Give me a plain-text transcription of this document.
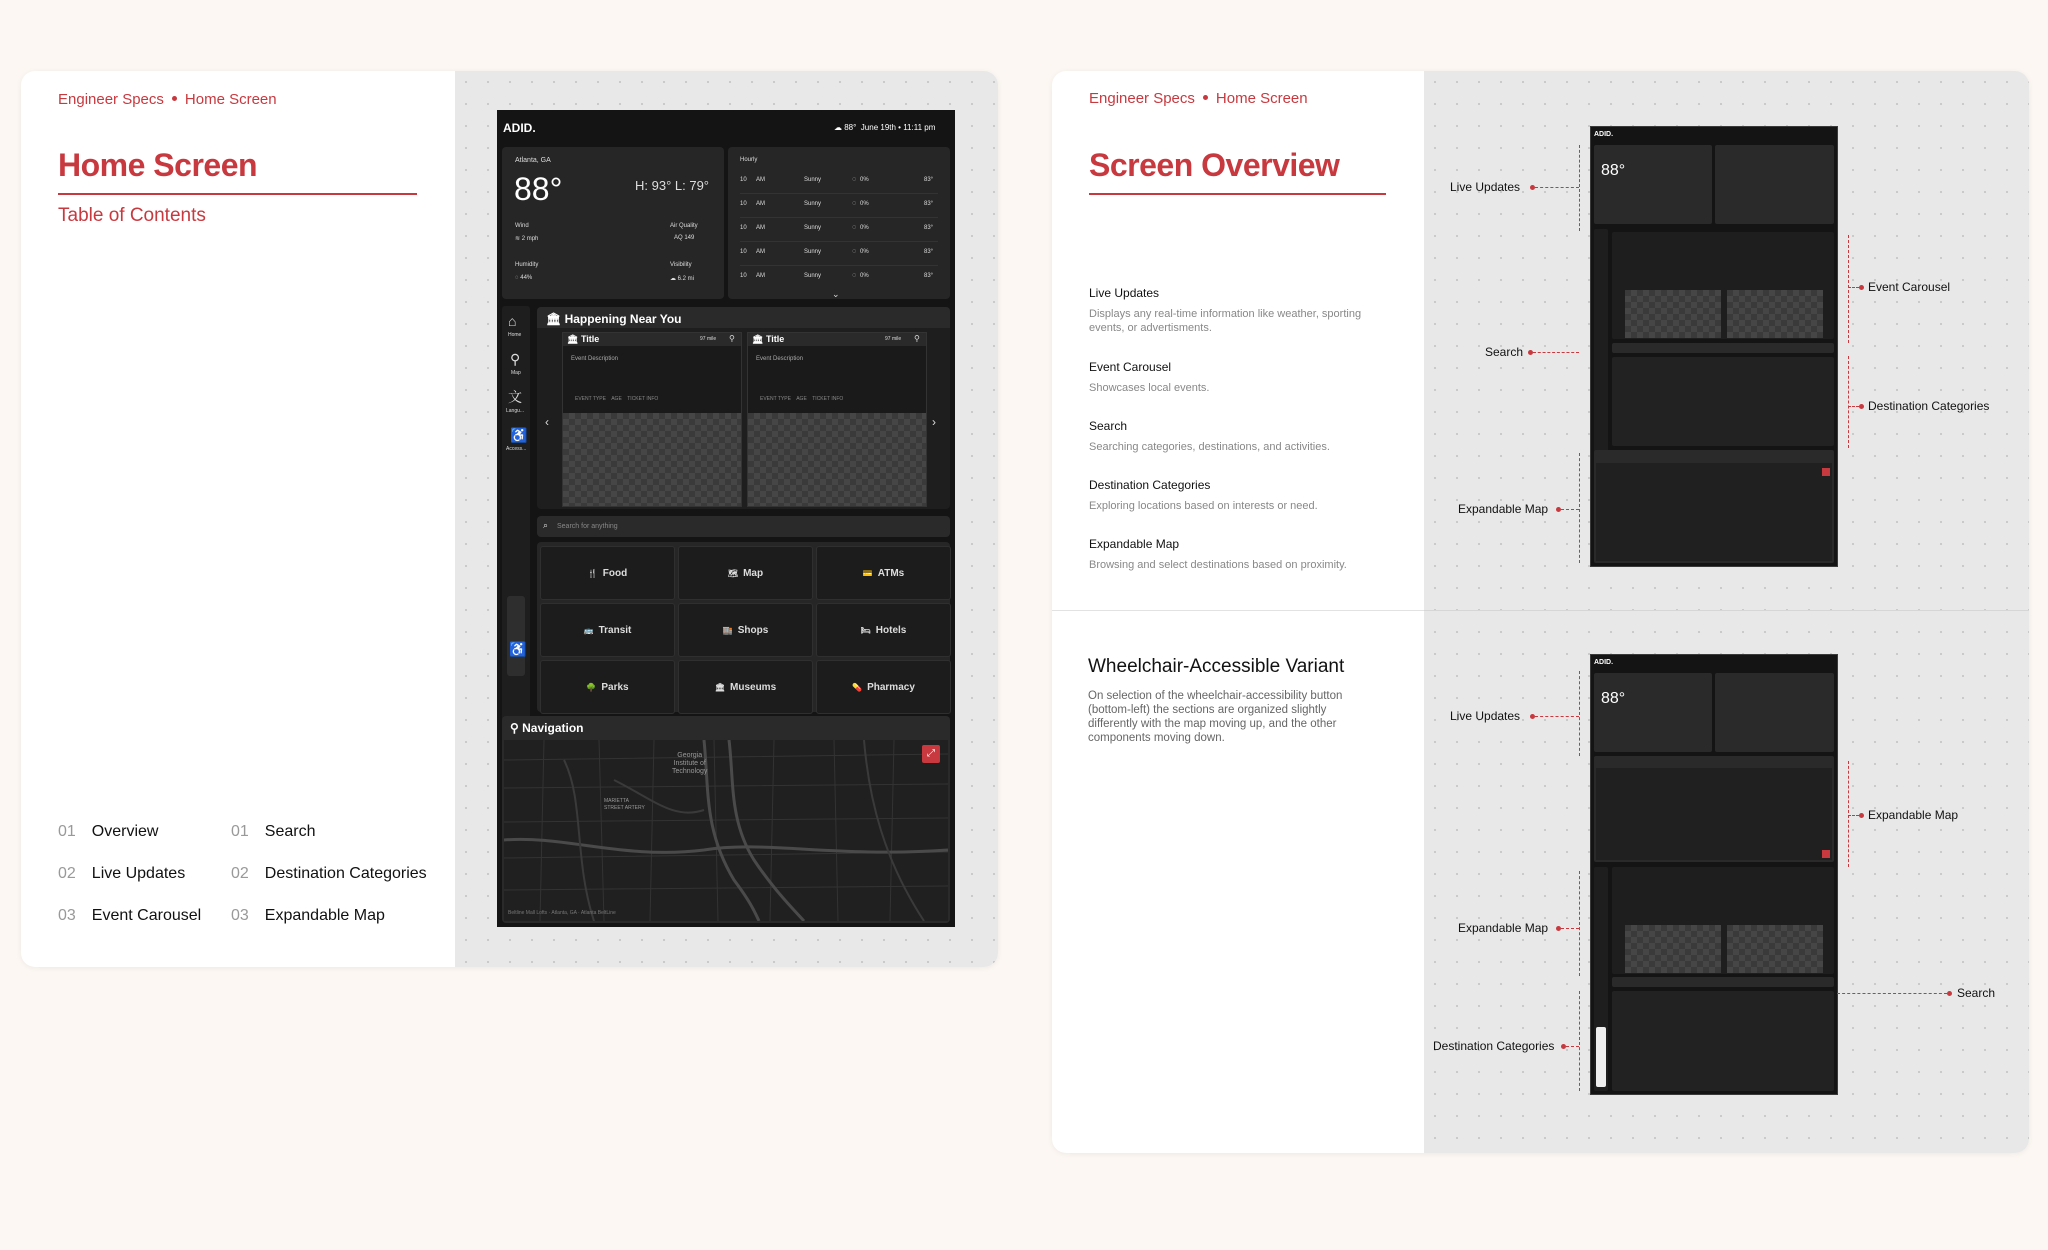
Engineer Specs Home Screen
Home Screen
Table of Contents
01 Overview
02 Live Updates
03 Event Carousel
01 Search
02 Destination Categories
03 Expandable Map
ADID.	☁ 88° June 19th • 11:11 pm
Atlanta, GA
88°	H: 93° L: 79°
Wind
≋ 2 mph
Air Quality
AQ 149
Humidity
◌ 44%
Visibility
☁ 6.2 mi
Hourly
10 AM	Sunny	0%	83°
◌
10 AM	Sunny	0%	83°
◌
10 AM	Sunny	0%	83°
◌
10 AM	Sunny	0%	83°
◌
10 AM	Sunny	0%	83°
◌
⌄
⌂
Home
⚲
Map
文
Langu...
♿
Access...
♿
🏛 Happening Near You
‹	›
🏛 Title	97 mile ⚲
Event Description
EVENT TYPE AGE TICKET INFO
🏛 Title	97 mile ⚲
Event Description
EVENT TYPE AGE TICKET INFO
⌕ Search for anything
🍴 Food	🗺 Map	💳 ATMs
🚌 Transit	🏬 Shops	🛏 Hotels
🌳 Parks	🏛 Museums	💊 Pharmacy
⚲ Navigation
Georgia
Institute of
Technology
MARIETTA
STREET ARTERY
Beltline Mall Lofts · Atlanta, GA · Atlanta BeltLine
⤢
Engineer Specs Home Screen
Screen Overview
Live Updates
Displays any real-time information like weather, sporting events, or advertisments.
Event Carousel
Showcases local events.
Search
Searching categories, destinations, and activities.
Destination Categories
Exploring locations based on interests or need.
Expandable Map
Browsing and select destinations based on proximity.
Wheelchair-Accessible Variant
On selection of the wheelchair-accessibility button (bottom-left) the sections are organized slightly differently with the map moving up, and the other components moving down.
ADID.
88°
Live Updates
Event Carousel
Search
Destination Categories
Expandable Map
ADID.
88°
Live Updates
Expandable Map
Expandable Map
Search
Destination Categories
